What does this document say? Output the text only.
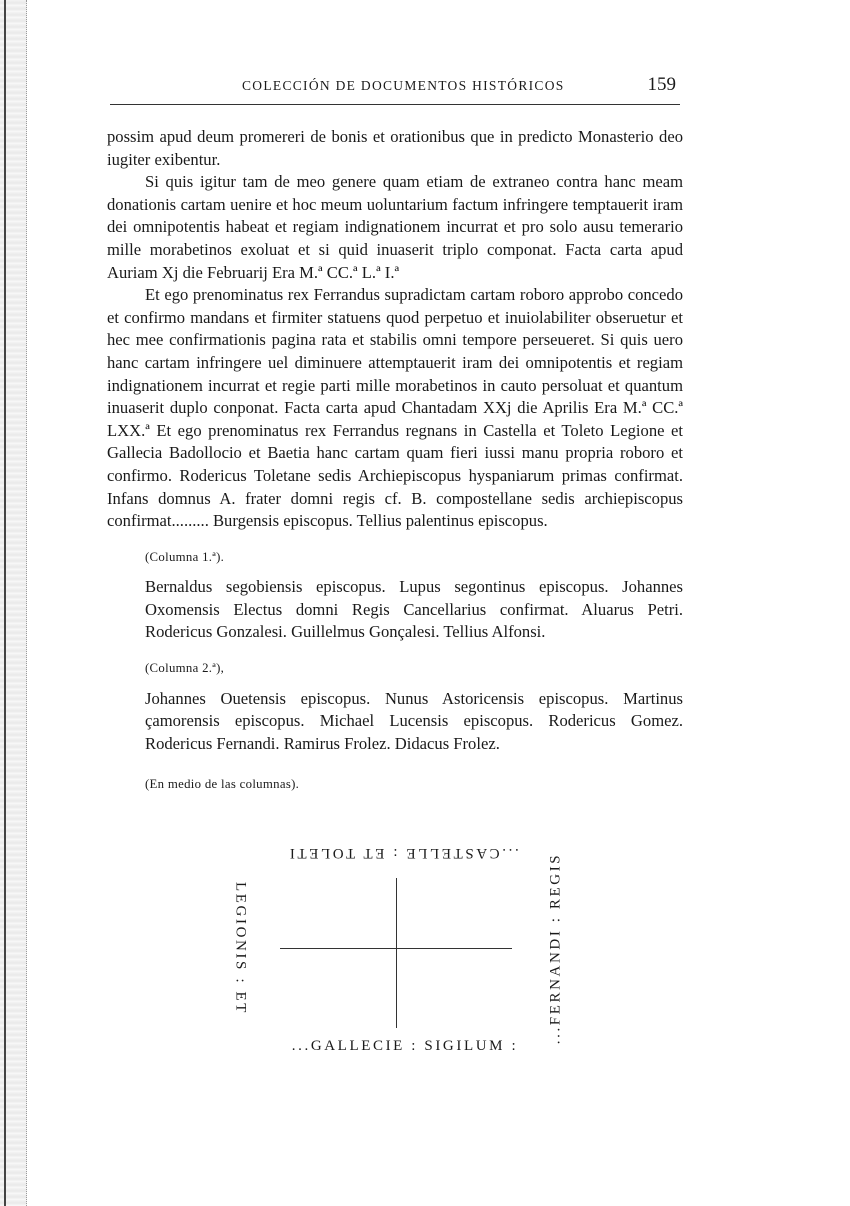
COLECCIÓN DE DOCUMENTOS HISTÓRICOS	159

possim apud deum promereri de bonis et orationibus que in predicto Monasterio deo iugiter exibentur.

Si quis igitur tam de meo genere quam etiam de extraneo contra hanc meam donationis cartam uenire et hoc meum uoluntarium factum infringere temptauerit iram dei omnipotentis habeat et regiam indignationem incurrat et pro solo ausu temerario mille morabetinos exoluat et si quid inuaserit triplo componat. Facta carta apud Auriam Xj die Februarij Era M.ª CC.ª L.ª I.ª

Et ego prenominatus rex Ferrandus supradictam cartam roboro approbo concedo et confirmo mandans et firmiter statuens quod perpetuo et inuiolabiliter obseruetur et hec mee confirmationis pagina rata et stabilis omni tempore perseueret. Si quis uero hanc cartam infringere uel diminuere attemptauerit iram dei omnipotentis et regiam indignationem incurrat et regie parti mille morabetinos in cauto persoluat et quantum inuaserit duplo conponat. Facta carta apud Chantadam XXj die Aprilis Era M.ª CC.ª LXX.ª Et ego prenominatus rex Ferrandus regnans in Castella et Toleto Legione et Gallecia Badollocio et Baetia hanc cartam quam fieri iussi manu propria roboro et confirmo. Rodericus Toletane sedis Archiepiscopus hyspaniarum primas confirmat. Infans domnus A. frater domni regis cf. B. compostellane sedis archiepiscopus confirmat......... Burgensis episcopus. Tellius palentinus episcopus.

(Columna 1.ª).

Bernaldus segobiensis episcopus. Lupus segontinus episcopus. Johannes Oxomensis Electus domni Regis Cancellarius confirmat. Aluarus Petri. Rodericus Gonzalesi. Guillelmus Gonçalesi. Tellius Alfonsi.

(Columna 2.ª),

Johannes Ouetensis episcopus. Nunus Astoricensis episcopus. Martinus çamorensis episcopus. Michael Lucensis episcopus. Rodericus Gomez. Rodericus Fernandi. Ramirus Frolez. Didacus Frolez.

(En medio de las columnas).

...CASTELLE : ET TOLETI	...FERNANDI : REGIS
...GALLECIE : SIGILUM :
LEGIONIS : ET
